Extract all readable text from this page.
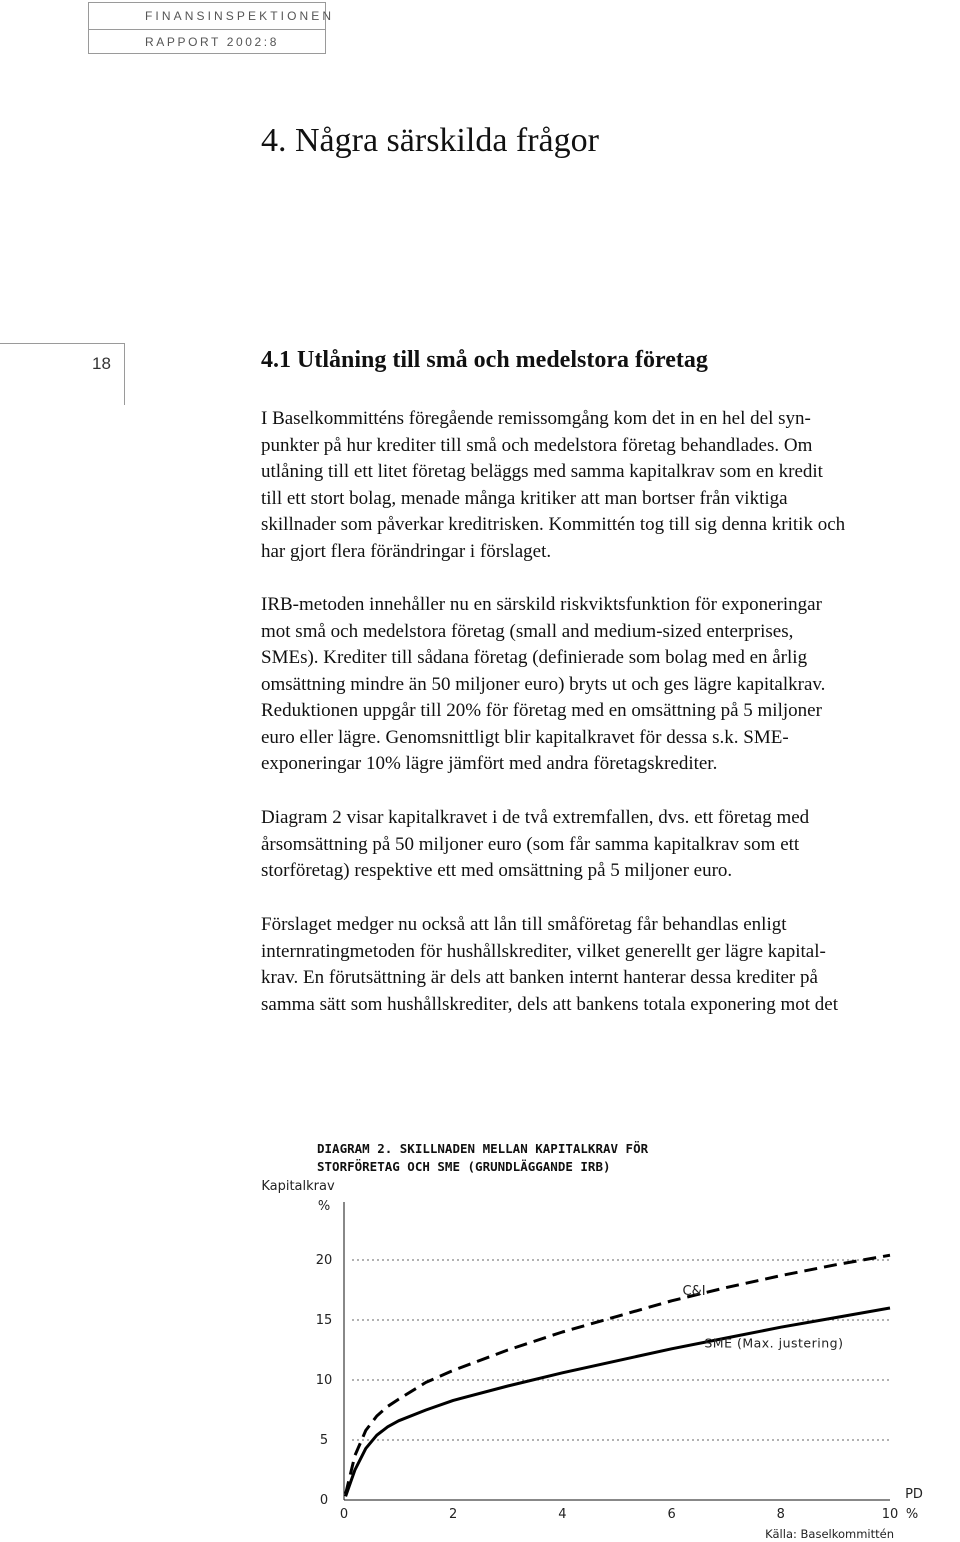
FINANSINSPEKTIONEN
RAPPORT 2002:8
4. Några särskilda frågor
18	4.1 Utlåning till små och medelstora företag
I Baselkommitténs föregående remissomgång kom det in en hel del syn-
punkter på hur krediter till små och medelstora företag behandlades. Om
utlåning till ett litet företag beläggs med samma kapitalkrav som en kredit
till ett stort bolag, menade många kritiker att man bortser från viktiga
skillnader som påverkar kreditrisken. Kommittén tog till sig denna kritik och
har gjort flera förändringar i förslaget.
IRB-metoden innehåller nu en särskild riskviktsfunktion för exponeringar
mot små och medelstora företag (small and medium-sized enterprises,
SMEs). Krediter till sådana företag (definierade som bolag med en årlig
omsättning mindre än 50 miljoner euro) bryts ut och ges lägre kapitalkrav.
Reduktionen uppgår till 20% för företag med en omsättning på 5 miljoner
euro eller lägre. Genomsnittligt blir kapitalkravet för dessa s.k. SME-
exponeringar 10% lägre jämfört med andra företagskrediter.
Diagram 2 visar kapitalkravet i de två extremfallen, dvs. ett företag med
årsomsättning på 50 miljoner euro (som får samma kapitalkrav som ett
storföretag) respektive ett med omsättning på 5 miljoner euro.
Förslaget medger nu också att lån till småföretag får behandlas enligt
internratingmetoden för hushållskrediter, vilket generellt ger lägre kapital-
krav. En förutsättning är dels att banken internt hanterar dessa krediter på
samma sätt som hushållskrediter, dels att bankens totala exponering mot det
DIAGRAM 2. SKILLNADEN MELLAN KAPITALKRAV FÖR
STORFÖRETAG OCH SME (GRUNDLÄGGANDE IRB)
Kapitalkrav
%
0
5
10
15
20
0	2	4	6	8	10
PD
%
C&I
SME (Max. justering)
Källa: Baselkommittén
